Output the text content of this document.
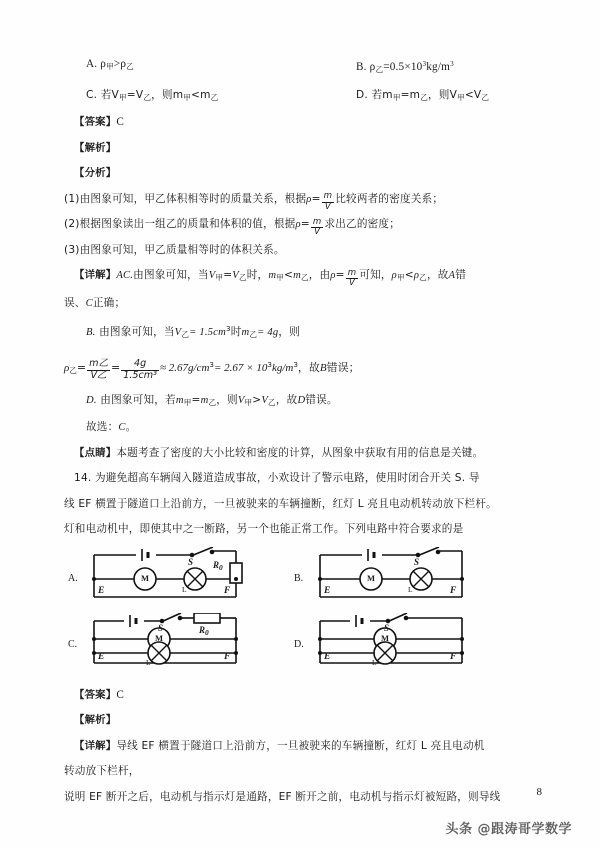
A. $\rho_甲>\rho_乙$	B. $\rho_乙=0.5\times 10^3kg/m^3$
C. 若$V_甲=V_乙$，则$m_甲<m_乙$	D. 若$m_甲=m_乙$，则$V_甲<V_乙$
【答案】C
【解析】
【分析】
(1)由图象可知，甲乙体积相等时的质量关系，根据$\rho= \frac{m}{V}$ 比较两者的密度关系；
(2)根据图象读出一组乙的质量和体积的值，根据$\rho= \frac{m}{V}$ 求出乙的密度；
(3)由图象可知，甲乙质量相等时的体积关系。
【详解】AC.由图象可知，当$V_甲=V_乙$时，$m_甲<m_乙$，由$\rho= \frac{m}{V}$ 可知，$\rho_甲<\rho_乙$，故A错
误、C正确；
B. 由图象可知，当$V_乙= 1.5cm^3$时$m_乙= 4g$，则
$\rho_乙= \frac{\text{m乙}}{\text{V乙}} = \frac{4g}{\text{1.5cm³}} \approx 2.67g/cm^3= 2.67 \times 10^3kg/m^3$，故B错误；
D. 由图象可知，若$m_甲=m_乙$，则$V_甲>V_乙$，故D错误。
故选：C。
【点睛】本题考查了密度的大小比较和密度的计算，从图象中获取有用的信息是关键。
14. 为避免超高车辆闯入隧道造成事故，小欢设计了警示电路，使用时闭合开关 S. 导
线 EF 横置于隧道口上沿前方，一旦被驶来的车辆撞断，红灯 L 亮且电动机转动放下栏杆。
灯和电动机中，即使其中之一断路，另一个也能正常工作。下列电路中符合要求的是
A.
$R_0$
S
M
L
E	F
B.
S
M
L
E	F
C.
$R_0$
S
M
L
E	F
D.
S
M
L
E	F
【答案】C
【解析】
【详解】导线 EF 横置于隧道口上沿前方，一旦被驶来的车辆撞断，红灯 L 亮且电动机
转动放下栏杆，
说明 EF 断开之后，电动机与指示灯是通路，EF 断开之前，电动机与指示灯被短路，则导线	8
头条 @跟涛哥学数学
